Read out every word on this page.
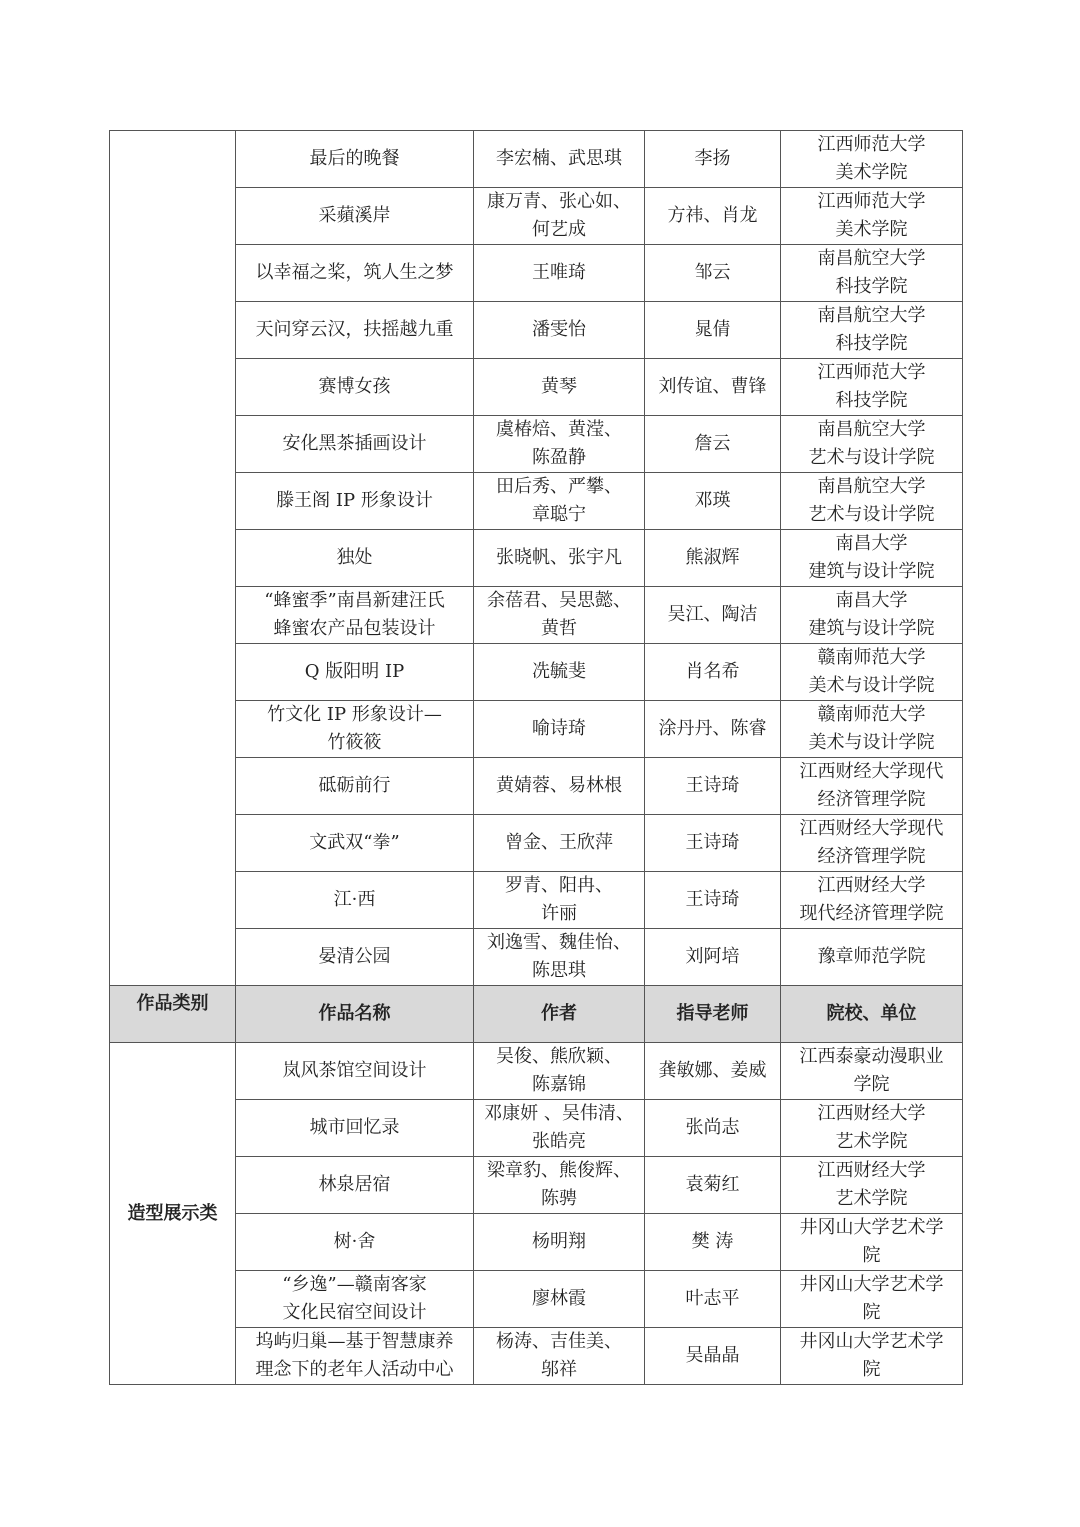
	最后的晚餐	李宏楠、武思琪	李扬	江西师范大学
美术学院

	采蘋溪岸	康万青、张心如、
何艺成	方祎、肖龙	江西师范大学
美术学院

	以幸福之桨，筑人生之梦	王唯琦	邹云	南昌航空大学
科技学院

	天问穿云汉，扶摇越九重	潘雯怡	晁倩	南昌航空大学
科技学院

	赛博女孩	黄琴	刘传谊、曹锋	江西师范大学
科技学院

	安化黑茶插画设计	虞椿焙、黄滢、
陈盈静	詹云	南昌航空大学
艺术与设计学院

	滕王阁 IP 形象设计	田后秀、严攀、
章聪宁	邓瑛	南昌航空大学
艺术与设计学院

	独处	张晓帆、张宇凡	熊淑辉	南昌大学
建筑与设计学院

	“蜂蜜季”南昌新建汪氏
蜂蜜农产品包装设计	余蓓君、吴思懿、
黄哲	吴江、陶洁	南昌大学
建筑与设计学院

	Q 版阳明 IP	冼毓斐	肖名希	赣南师范大学
美术与设计学院

	竹文化 IP 形象设计—
竹筱筱	喻诗琦	涂丹丹、陈睿	赣南师范大学
美术与设计学院

	砥砺前行	黄婧蓉、易林根	王诗琦	江西财经大学现代
经济管理学院

	文武双“拳”	曾金、王欣萍	王诗琦	江西财经大学现代
经济管理学院

	江·西	罗青、阳冉、
许丽	王诗琦	江西财经大学
现代经济管理学院

	晏清公园	刘逸雪、魏佳怡、
陈思琪	刘阿培	豫章师范学院

作品类别	作品名称	作者	指导老师	院校、单位

造型展示类	岚风茶馆空间设计	吴俊、熊欣颖、
陈嘉锦	龚敏娜、姜威	江西泰豪动漫职业
学院

	城市回忆录	邓康妍 、吴伟清、
张皓亮	张尚志	江西财经大学
艺术学院

	林泉居宿	梁章豹、熊俊辉、
陈骋	袁菊红	江西财经大学
艺术学院

	树·舍	杨明翔	樊 涛	井冈山大学艺术学
院

	“乡逸”—赣南客家
文化民宿空间设计	廖林霞	叶志平	井冈山大学艺术学
院

	坞屿归巢—基于智慧康养
理念下的老年人活动中心	杨涛、吉佳美、
邬祥	吴晶晶	井冈山大学艺术学
院
